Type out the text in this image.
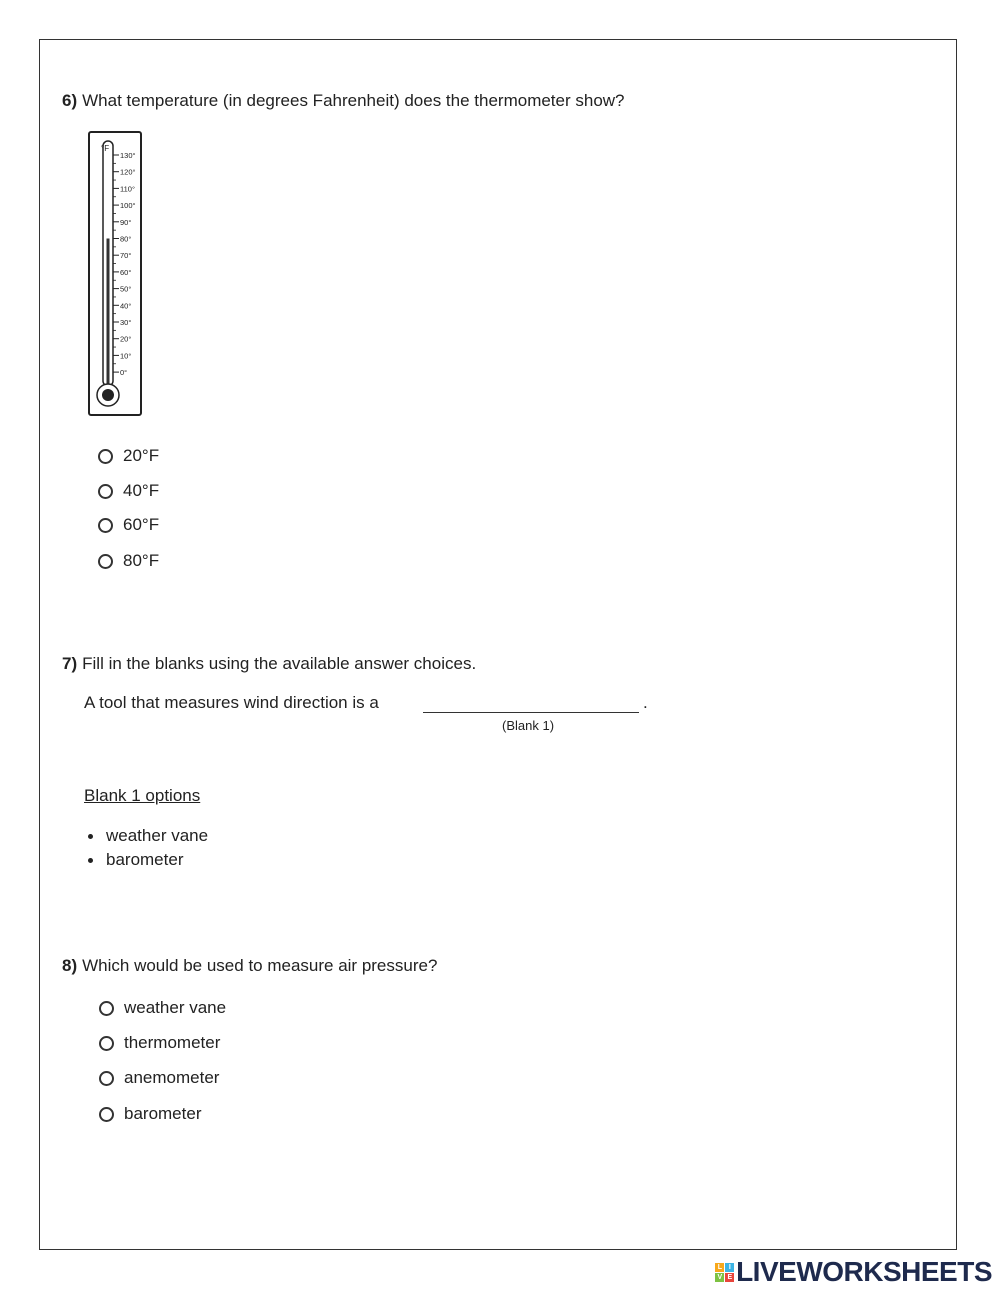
6) What temperature (in degrees Fahrenheit) does the thermometer show?
°F
130°
120°
110°
100°
90°
80°
70°
60°
50°
40°
30°
20°
10°
0°
20°F
40°F
60°F
80°F
7) Fill in the blanks using the available answer choices.
A tool that measures wind direction is a	.
(Blank 1)
Blank 1 options
weather vane
barometer
8) Which would be used to measure air pressure?
weather vane
thermometer
anemometer
barometer
L	I
V E LIVEWORKSHEETS
